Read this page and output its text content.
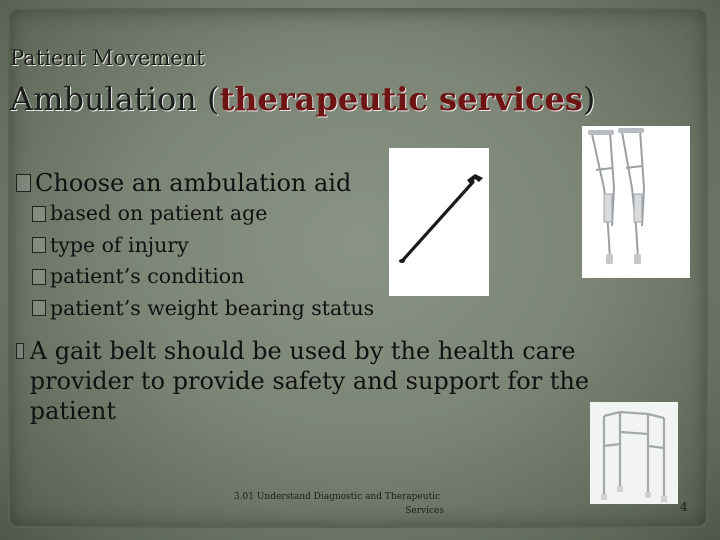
Patient Movement
Ambulation (therapeutic services)
Choose an ambulation aid
based on patient age
type of injury
patient’s condition
patient’s weight bearing status
A gait belt should be used by the health care provider to provide safety and support for the patient
3.01 Understand Diagnostic and Therapeutic
Services	4
